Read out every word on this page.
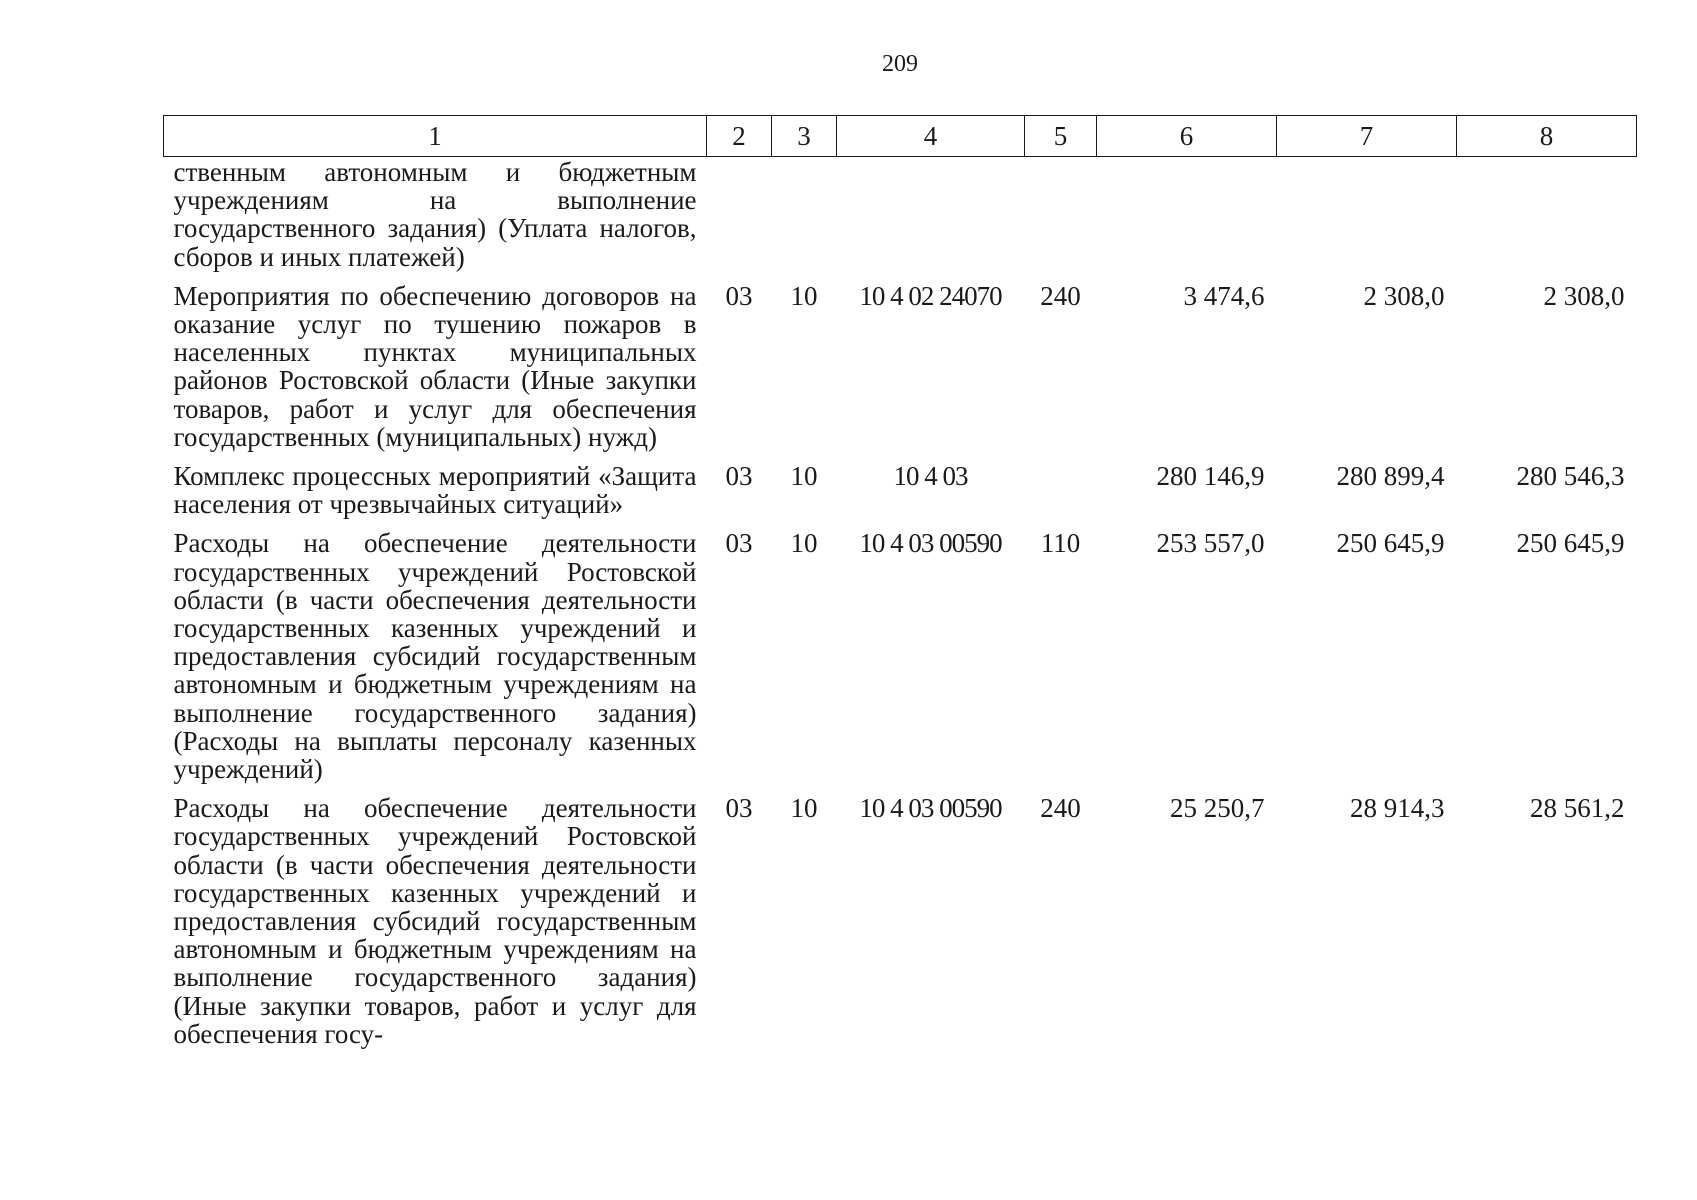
209
1	2	3	4	5	6	7	8
ственным автономным и бюджетным учреждениям на выполнение государственного задания) (Уплата налогов, сборов и иных платежей)							
Мероприятия по обеспечению договоров на оказание услуг по тушению пожаров в населенных пунктах муниципальных районов Ростовской области (Иные закупки товаров, работ и услуг для обеспечения государственных (муниципальных) нужд)	03	10	10 4 02 24070	240	3 474,6	2 308,0	2 308,0
Комплекс процессных мероприятий «Защита населения от чрезвычайных ситуаций»	03	10	10 4 03		280 146,9	280 899,4	280 546,3
Расходы на обеспечение деятельности государственных учреждений Ростовской области (в части обеспечения деятельности государственных казенных учреждений и предоставления субсидий государственным автономным и бюджетным учреждениям на выполнение государственного задания) (Расходы на выплаты персоналу казенных учреждений)	03	10	10 4 03 00590	110	253 557,0	250 645,9	250 645,9
Расходы на обеспечение деятельности государственных учреждений Ростовской области (в части обеспечения деятельности государственных казенных учреждений и предоставления субсидий государственным автономным и бюджетным учреждениям на выполнение государственного задания) (Иные закупки товаров, работ и услуг для обеспечения госу-	03	10	10 4 03 00590	240	25 250,7	28 914,3	28 561,2
